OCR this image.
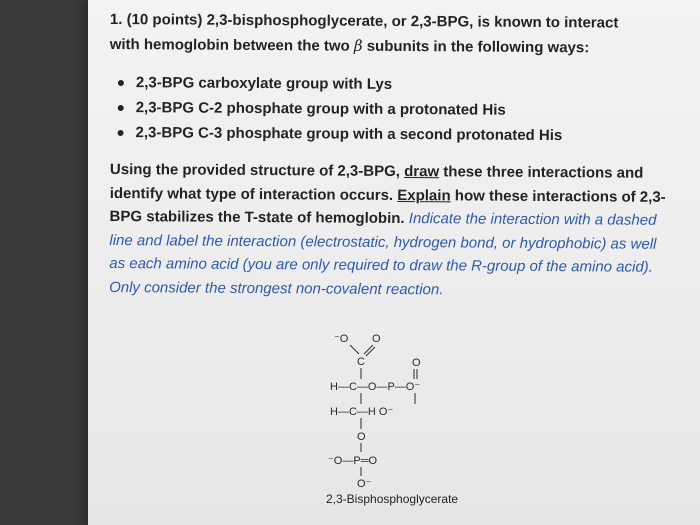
1. (10 points) 2,3-bisphosphoglycerate, or 2,3-BPG, is known to interact
with hemoglobin between the two β subunits in the following ways:
2,3-BPG carboxylate group with Lys
2,3-BPG C-2 phosphate group with a protonated His
2,3-BPG C-3 phosphate group with a second protonated His
Using the provided structure of 2,3-BPG, draw these three interactions and identify what type of interaction occurs. Explain how these interactions of 2,3-BPG stabilizes the T-state of hemoglobin. Indicate the interaction with a dashed line and label the interaction (electrostatic, hydrogen bond, or hydrophobic) as well as each amino acid (you are only required to draw the R-group of the amino acid). Only consider the strongest non-covalent reaction.
⁻O O
C	O
H—C—O—P—O⁻
H—C—H O⁻
O
⁻O—P═O
O⁻
2,3-Bisphosphoglycerate
